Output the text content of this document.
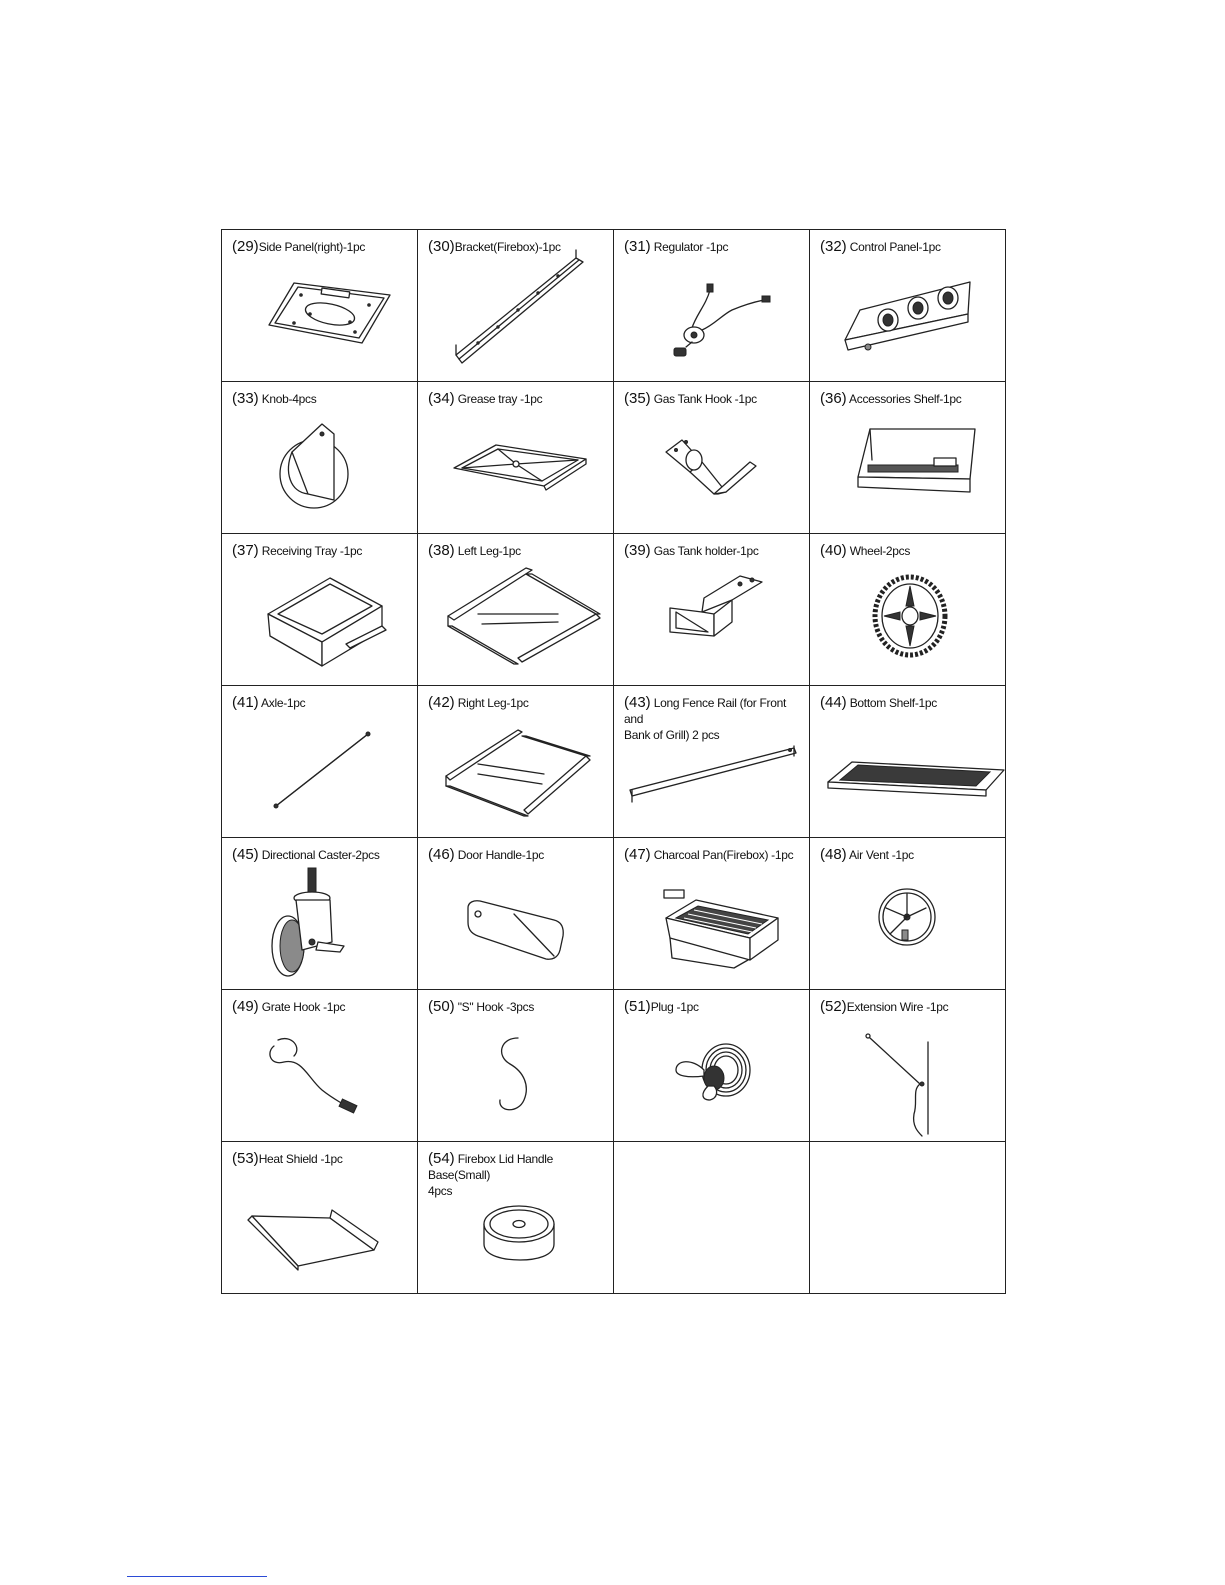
(29)Side Panel(right)-1pc	(30)Bracket(Firebox)-1pc	(31) Regulator -1pc	(32) Control Panel-1pc

(33) Knob-4pcs	(34) Grease tray -1pc	(35) Gas Tank Hook -1pc	(36) Accessories Shelf-1pc

(37) Receiving Tray -1pc	(38) Left Leg-1pc	(39) Gas Tank holder-1pc	(40) Wheel-2pcs

(41) Axle-1pc	(42) Right Leg-1pc	(43) Long Fence Rail (for Front and
Bank of Grill) 2 pcs	(44) Bottom Shelf-1pc

(45) Directional Caster-2pcs	(46) Door Handle-1pc	(47) Charcoal Pan(Firebox) -1pc	(48) Air Vent -1pc

(49) Grate Hook -1pc	(50) "S" Hook -3pcs	(51)Plug -1pc	(52)Extension Wire -1pc

(53)Heat Shield -1pc	(54) Firebox Lid Handle Base(Small)
4pcs		
